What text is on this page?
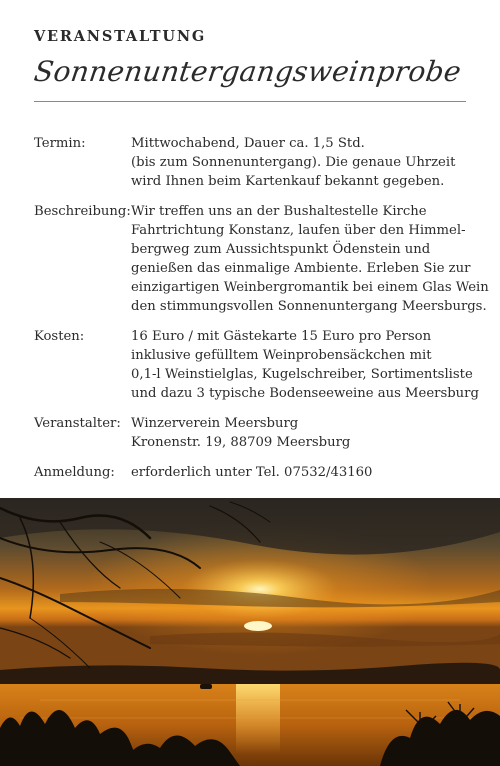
VERANSTALTUNG
Sonnenuntergangsweinprobe
Termin:	Mittwochabend, Dauer ca. 1,5 Std.
(bis zum Sonnenuntergang). Die genaue Uhrzeit
wird Ihnen beim Kartenkauf bekannt gegeben.
Beschreibung: Wir treffen uns an der Bushaltestelle Kirche
Fahrtrichtung Konstanz, laufen über den Himmel-
bergweg zum Aussichtspunkt Ödenstein und
genießen das einmalige Ambiente. Erleben Sie zur
einzigartigen Weinbergromantik bei einem Glas Wein
den stimmungsvollen Sonnenuntergang Meersburgs.
Kosten:	16 Euro / mit Gästekarte 15 Euro pro Person
inklusive gefülltem Weinprobensäckchen mit
0,1-l Weinstielglas, Kugelschreiber, Sortimentsliste
und dazu 3 typische Bodenseeweine aus Meersburg
Veranstalter: Winzerverein Meersburg
Kronenstr. 19, 88709 Meersburg
Anmeldung:	erforderlich unter Tel. 07532/43160
